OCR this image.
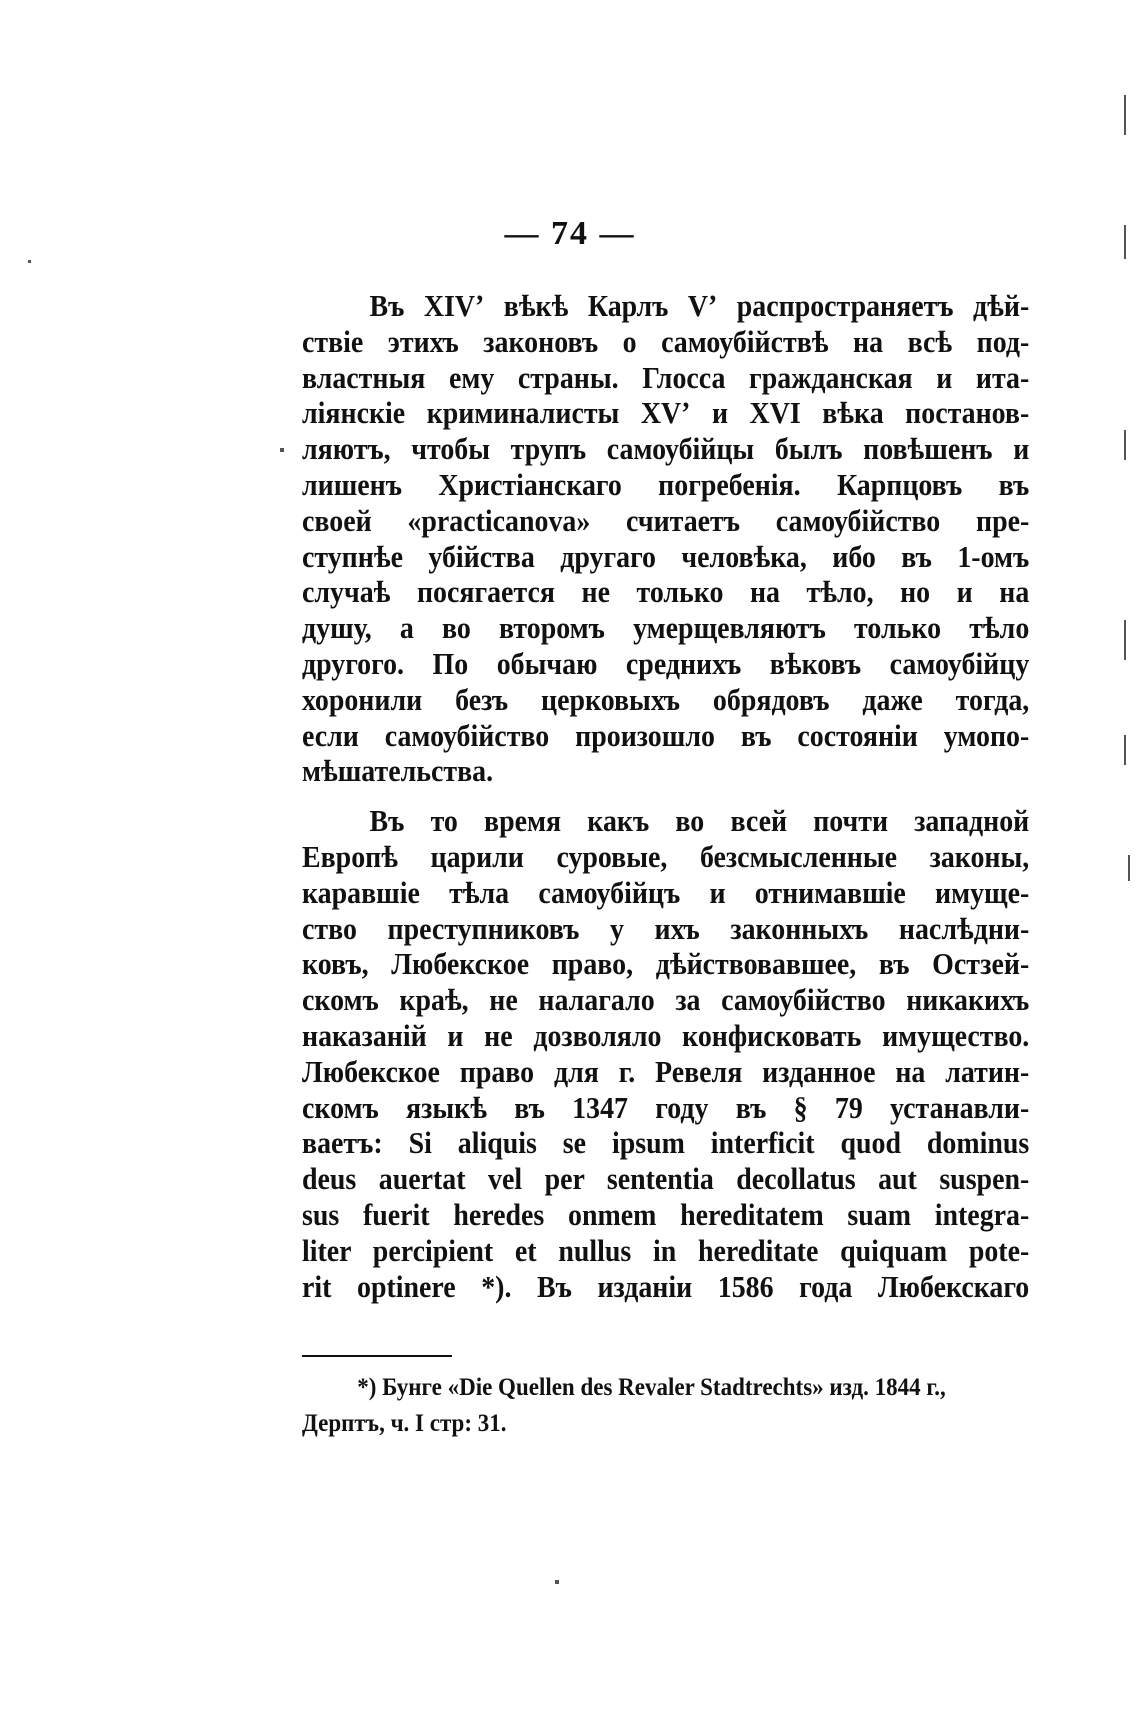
— 74 —
Въ XIVʼ вѣкѣ Карлъ Vʼ распространяетъ дѣй-
ствіе этихъ законовъ о самоубійствѣ на всѣ под-
властныя ему страны. Глосса гражданская и ита-
ліянскіе криминалисты XVʼ и XVI вѣка постанов-
ляютъ, чтобы трупъ самоубійцы былъ повѣшенъ и
лишенъ Христіанскаго погребенія. Карпцовъ въ
своей «practicanova» считаетъ самоубійство пре-
ступнѣе убійства другаго человѣка, ибо въ 1-омъ
случаѣ посягается не только на тѣло, но и на
душу, а во второмъ умерщевляютъ только тѣло
другого. По обычаю среднихъ вѣковъ самоубійцу
хоронили безъ церковыхъ обрядовъ даже тогда,
если самоубійство произошло въ состояніи умопо-
мѣшательства.
Въ то время какъ во всей почти западной
Европѣ царили суровые, безсмысленные законы,
каравшіе тѣла самоубійцъ и отнимавшіе имуще-
ство преступниковъ у ихъ законныхъ наслѣдни-
ковъ, Любекское право, дѣйствовавшее, въ Остзей-
скомъ краѣ, не налагало за самоубійство никакихъ
наказаній и не дозволяло конфисковать имущество.
Любекское право для г. Ревеля изданное на латин-
скомъ языкѣ въ 1347 году въ § 79 устанавли-
ваетъ: Si aliquis se ipsum interficit quod dominus
deus auertat vel per sententia decollatus aut suspen-
sus fuerit heredes onmem hereditatem suam integra-
liter percipient et nullus in hereditate quiquam pote-
rit optinere *). Въ изданіи 1586 года Любекскаго
*) Бунге «Die Quellen des Revaler Stadtrechts» изд. 1844 г.,
Дерптъ, ч. I стр: 31.
